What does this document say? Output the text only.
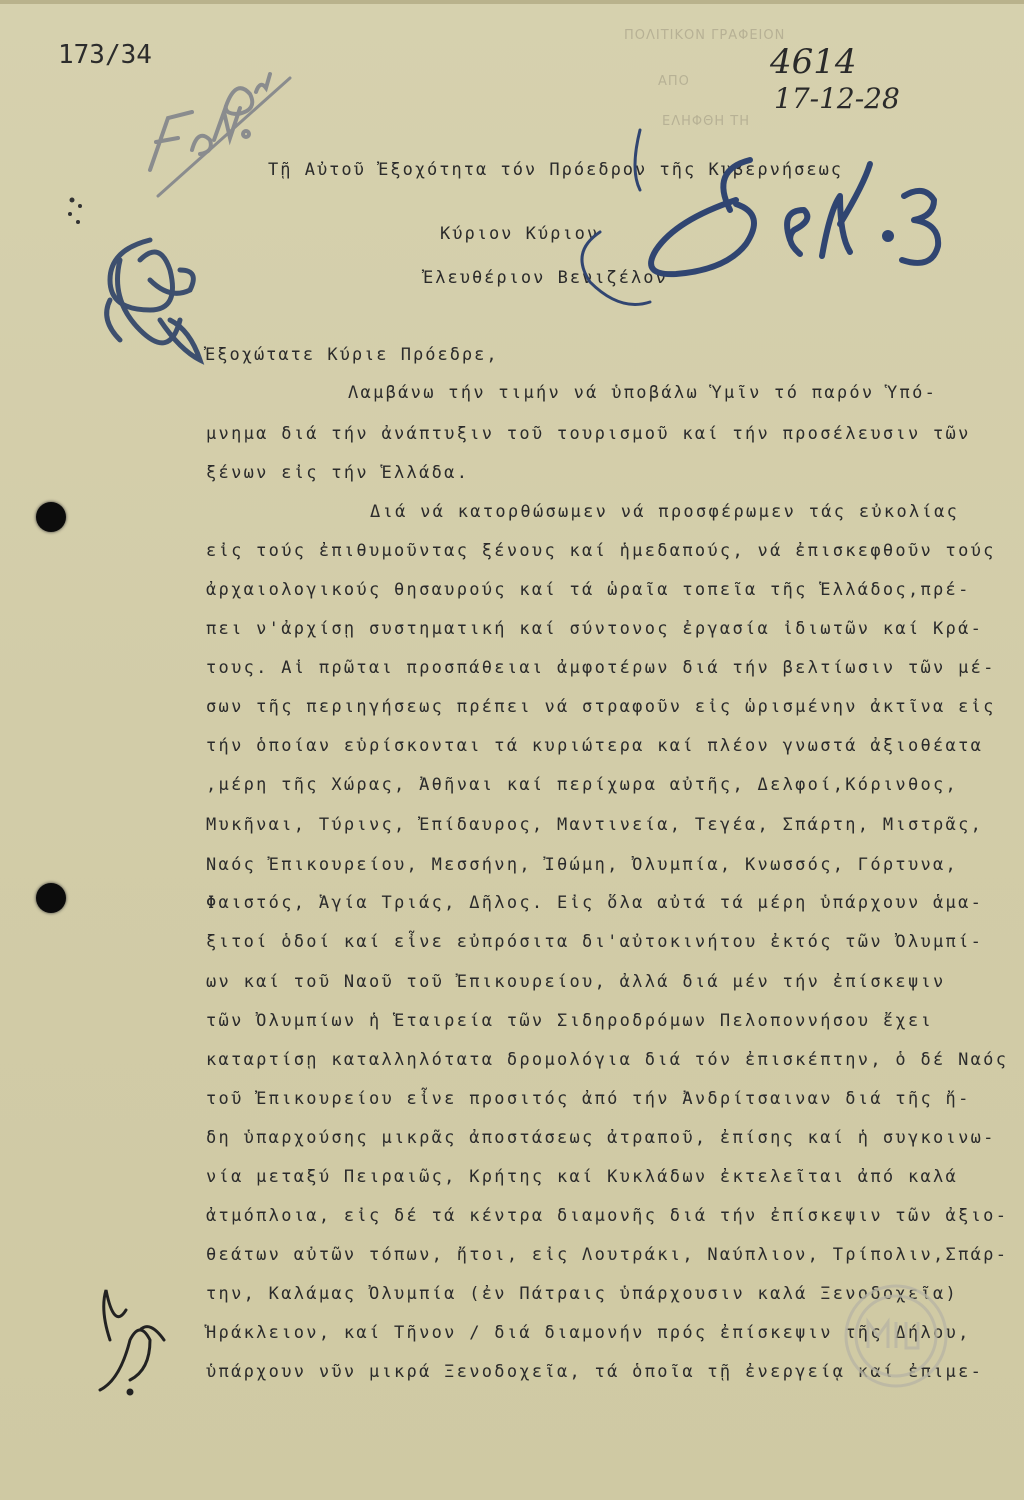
173/34
ΠΟΛΙΤΙΚΟΝ ΓΡΑΦΕΙΟΝ
ΑΠΟ
ΕΛΗΦΘΗ ΤΗ
4614
17-12-28
Τῇ Αὐτοῦ Ἐξοχότητα τόν Πρόεδρον τῆς Κυβερνήσεως
Κύριον Κύριον
Ἐλευθέριον Βενιζέλον
Ἐξοχώτατε Κύριε Πρόεδρε,
Λαμβάνω τήν τιμήν νά ὑποβάλω Ὑμῖν τό παρόν Ὑπό-
μνημα διά τήν ἀνάπτυξιν τοῦ τουρισμοῦ καί τήν προσέλευσιν τῶν
ξένων εἰς τήν Ἑλλάδα.
Διά νά κατορθώσωμεν νά προσφέρωμεν τάς εὐκολίας
εἰς τούς ἐπιθυμοῦντας ξένους καί ἡμεδαπούς, νά ἐπισκεφθοῦν τούς
ἀρχαιολογικούς θησαυρούς καί τά ὡραῖα τοπεῖα τῆς Ἑλλάδος,πρέ-
πει ν'ἀρχίσῃ συστηματική καί σύντονος ἐργασία ἰδιωτῶν καί Κρά-
τους. Αἱ πρῶται προσπάθειαι ἀμφοτέρων διά τήν βελτίωσιν τῶν μέ-
σων τῆς περιηγήσεως πρέπει νά στραφοῦν εἰς ὡρισμένην ἀκτῖνα εἰς
τήν ὁποίαν εὑρίσκονται τά κυριώτερα καί πλέον γνωστά ἀξιοθέατα
,μέρη τῆς Χώρας, Ἀθῆναι καί περίχωρα αὐτῆς, Δελφοί,Κόρινθος,
Μυκῆναι, Τύρινς, Ἐπίδαυρος, Μαντινεία, Τεγέα, Σπάρτη, Μιστρᾶς,
Ναός Ἐπικουρείου, Μεσσήνη, Ἰθώμη, Ὀλυμπία, Κνωσσός, Γόρτυνα,
Φαιστός, Ἁγία Τριάς, Δῆλος. Εἰς ὅλα αὐτά τά μέρη ὑπάρχουν ἁμα-
ξιτοί ὁδοί καί εἶνε εὐπρόσιτα δι'αὐτοκινήτου ἐκτός τῶν Ὀλυμπί-
ων καί τοῦ Ναοῦ τοῦ Ἐπικουρείου, ἀλλά διά μέν τήν ἐπίσκεψιν
τῶν Ὀλυμπίων ἡ Ἑταιρεία τῶν Σιδηροδρόμων Πελοποννήσου ἔχει
καταρτίσῃ καταλληλότατα δρομολόγια διά τόν ἐπισκέπτην, ὁ δέ Ναός
τοῦ Ἐπικουρείου εἶνε προσιτός ἀπό τήν Ἀνδρίτσαιναν διά τῆς ἤ-
δη ὑπαρχούσης μικρᾶς ἀποστάσεως ἀτραποῦ, ἐπίσης καί ἡ συγκοινω-
νία μεταξύ Πειραιῶς, Κρήτης καί Κυκλάδων ἐκτελεῖται ἀπό καλά
ἀτμόπλοια, εἰς δέ τά κέντρα διαμονῆς διά τήν ἐπίσκεψιν τῶν ἀξιο-
θεάτων αὐτῶν τόπων, ἤτοι, εἰς Λουτράκι, Ναύπλιον, Τρίπολιν,Σπάρ-
την, Καλάμας Ὀλυμπία (ἐν Πάτραις ὑπάρχουσιν καλά Ξενοδοχεῖα)
Ἡράκλειον, καί Τῆνον / διά διαμονήν πρός ἐπίσκεψιν τῆς Δήλου,
ὑπάρχουν νῦν μικρά Ξενοδοχεῖα, τά ὁποῖα τῇ ἐνεργείᾳ καί ἐπιμε-
